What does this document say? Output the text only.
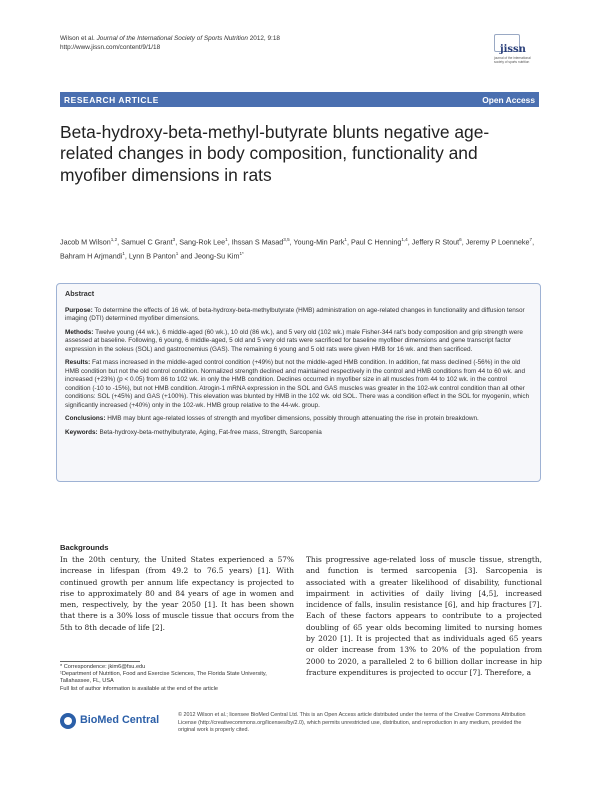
Wilson et al. Journal of the International Society of Sports Nutrition 2012, 9:18
http://www.jissn.com/content/9/1/18	jissn
journal of the international society of sports nutrition
RESEARCH ARTICLE	Open Access
Beta-hydroxy-beta-methyl-butyrate blunts negative age-related changes in body composition, functionality and myofiber dimensions in rats
Jacob M Wilson$^{1,2}$, Samuel C Grant$^3$, Sang-Rok Lee$^1$, Ihssan S Masad$^{3,5}$, Young-Min Park$^1$, Paul C Henning$^{1,4}$, Jeffery R Stout$^6$, Jeremy P Loenneke$^7$, Bahram H Arjmandi$^1$, Lynn B Panton$^1$ and Jeong-Su Kim$^{1*}$
Abstract

Purpose: To determine the effects of 16 wk. of beta-hydroxy-beta-methylbutyrate (HMB) administration on age-related changes in functionality and diffusion tensor imaging (DTI) determined myofiber dimensions.

Methods: Twelve young (44 wk.), 6 middle-aged (60 wk.), 10 old (86 wk.), and 5 very old (102 wk.) male Fisher-344 rat's body composition and grip strength were assessed at baseline. Following, 6 young, 6 middle-aged, 5 old and 5 very old rats were sacrificed for baseline myofiber dimensions and gene transcript factor expression in the soleus (SOL) and gastrocnemius (GAS). The remaining 6 young and 5 old rats were given HMB for 16 wk. and then sacrificed.

Results: Fat mass increased in the middle-aged control condition (+49%) but not the middle-aged HMB condition. In addition, fat mass declined (-56%) in the old HMB condition but not the old control condition. Normalized strength declined and maintained respectively in the control and HMB conditions from 44 to 60 wk. and increased (+23%) (p < 0.05) from 86 to 102 wk. in only the HMB condition. Declines occurred in myofiber size in all muscles from 44 to 102 wk. in the control condition (-10 to -15%), but not HMB condition. Atrogin-1 mRNA expression in the SOL and GAS muscles was greater in the 102-wk control condition than all other conditions: SOL (+45%) and GAS (+100%). This elevation was blunted by HMB in the 102 wk. old SOL. There was a condition effect in the SOL for myogenin, which significantly increased (+40%) only in the 102-wk. HMB group relative to the 44-wk. group.

Conclusions: HMB may blunt age-related losses of strength and myofiber dimensions, possibly through attenuating the rise in protein breakdown.

Keywords: Beta-hydroxy-beta-methylbutyrate, Aging, Fat-free mass, Strength, Sarcopenia

Backgrounds
In the 20th century, the United States experienced a 57% increase in lifespan (from 49.2 to 76.5 years) [1]. With continued growth per annum life expectancy is projected to rise to approximately 80 and 84 years of age in women and men, respectively, by the year 2050 [1]. It has been shown that there is a 30% loss of muscle tissue that occurs from the 5th to 8th decade of life [2].
This progressive age-related loss of muscle tissue, strength, and function is termed sarcopenia [3]. Sarcopenia is associated with a greater likelihood of disability, functional impairment in activities of daily living [4,5], increased incidence of falls, insulin resistance [6], and hip fractures [7]. Each of these factors appears to contribute to a projected doubling of 65 year olds becoming limited to nursing homes by 2020 [1]. It is projected that as individuals aged 65 years or older increase from 13% to 20% of the population from 2000 to 2020, a paralleled 2 to 6 billion dollar increase in hip fracture expenditures is projected to occur [7]. Therefore, a
* Correspondence: jkim6@fsu.edu
¹Department of Nutrition, Food and Exercise Sciences, The Florida State University, Tallahassee, FL, USA
Full list of author information is available at the end of the article
BioMed Central	© 2012 Wilson et al.; licensee BioMed Central Ltd. This is an Open Access article distributed under the terms of the Creative Commons Attribution License (http://creativecommons.org/licenses/by/2.0), which permits unrestricted use, distribution, and reproduction in any medium, provided the original work is properly cited.
